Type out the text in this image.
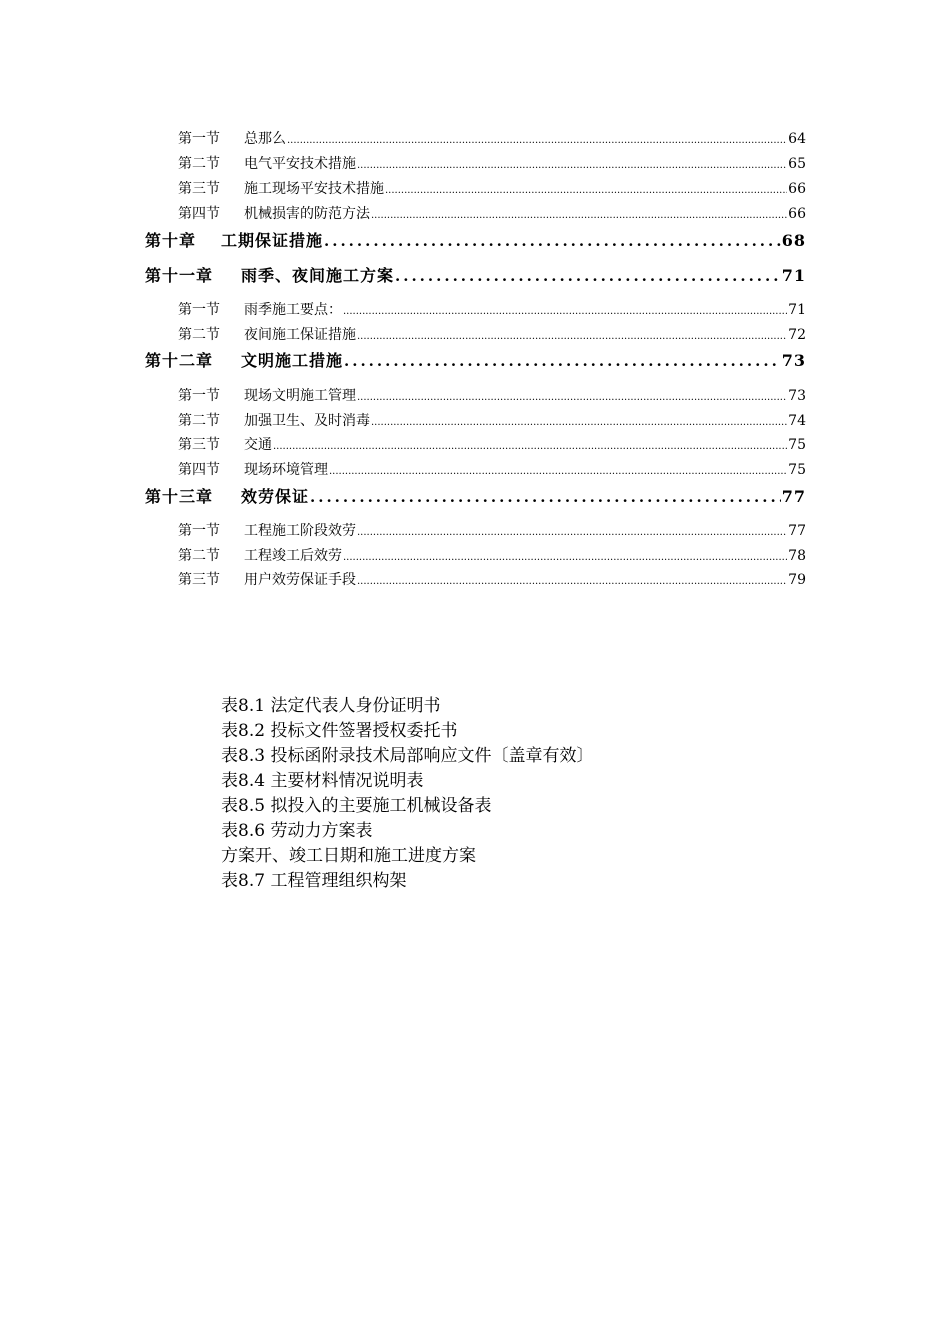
第一节	总那么 .....	64
第二节	电气平安技术措施 .....	65
第三节	施工现场平安技术措施 .....	66
第四节	机械损害的防范方法 .....	66
第十章	工期保证措施 .....	68
第十一章	雨季、夜间施工方案 .....	71
第一节	雨季施工要点： .....	71
第二节	夜间施工保证措施 .....	72
第十二章	文明施工措施 .....	73
第一节	现场文明施工管理 .....	73
第二节	加强卫生、及时消毒 .....	74
第三节	交通 .....	75
第四节	现场环境管理 .....	75
第十三章	效劳保证 .....	77
第一节	工程施工阶段效劳 .....	77
第二节	工程竣工后效劳 .....	78
第三节	用户效劳保证手段 .....	79
表8.1 法定代表人身份证明书
表8.2 投标文件签署授权委托书
表8.3 投标函附录技术局部响应文件〔盖章有效〕
表8.4 主要材料情况说明表
表8.5 拟投入的主要施工机械设备表
表8.6 劳动力方案表
方案开、竣工日期和施工进度方案
表8.7 工程管理组织构架
